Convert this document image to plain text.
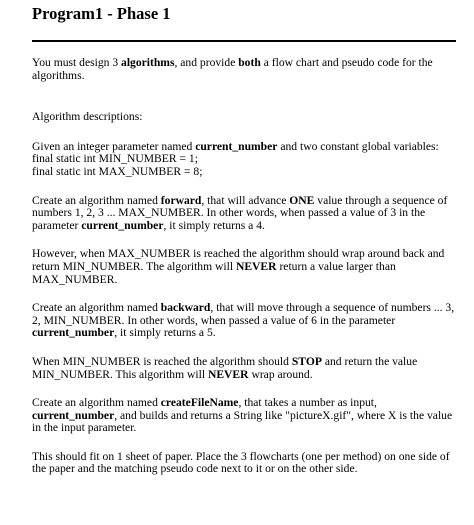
Program1 - Phase 1

You must design 3 algorithms, and provide both a flow chart and pseudo code for the algorithms.

Algorithm descriptions:

Given an integer parameter named current_number and two constant global variables:
final static int MIN_NUMBER = 1;
final static int MAX_NUMBER = 8;

Create an algorithm named forward, that will advance ONE value through a sequence of numbers 1, 2, 3 ... MAX_NUMBER. In other words, when passed a value of 3 in the parameter current_number, it simply returns a 4.

However, when MAX_NUMBER is reached the algorithm should wrap around back and return MIN_NUMBER. The algorithm will NEVER return a value larger than MAX_NUMBER.

Create an algorithm named backward, that will move through a sequence of numbers ... 3, 2, MIN_NUMBER. In other words, when passed a value of 6 in the parameter current_number, it simply returns a 5.

When MIN_NUMBER is reached the algorithm should STOP and return the value MIN_NUMBER. This algorithm will NEVER wrap around.

Create an algorithm named createFileName, that takes a number as input, current_number, and builds and returns a String like "pictureX.gif", where X is the value in the input parameter.

This should fit on 1 sheet of paper. Place the 3 flowcharts (one per method) on one side of the paper and the matching pseudo code next to it or on the other side.
